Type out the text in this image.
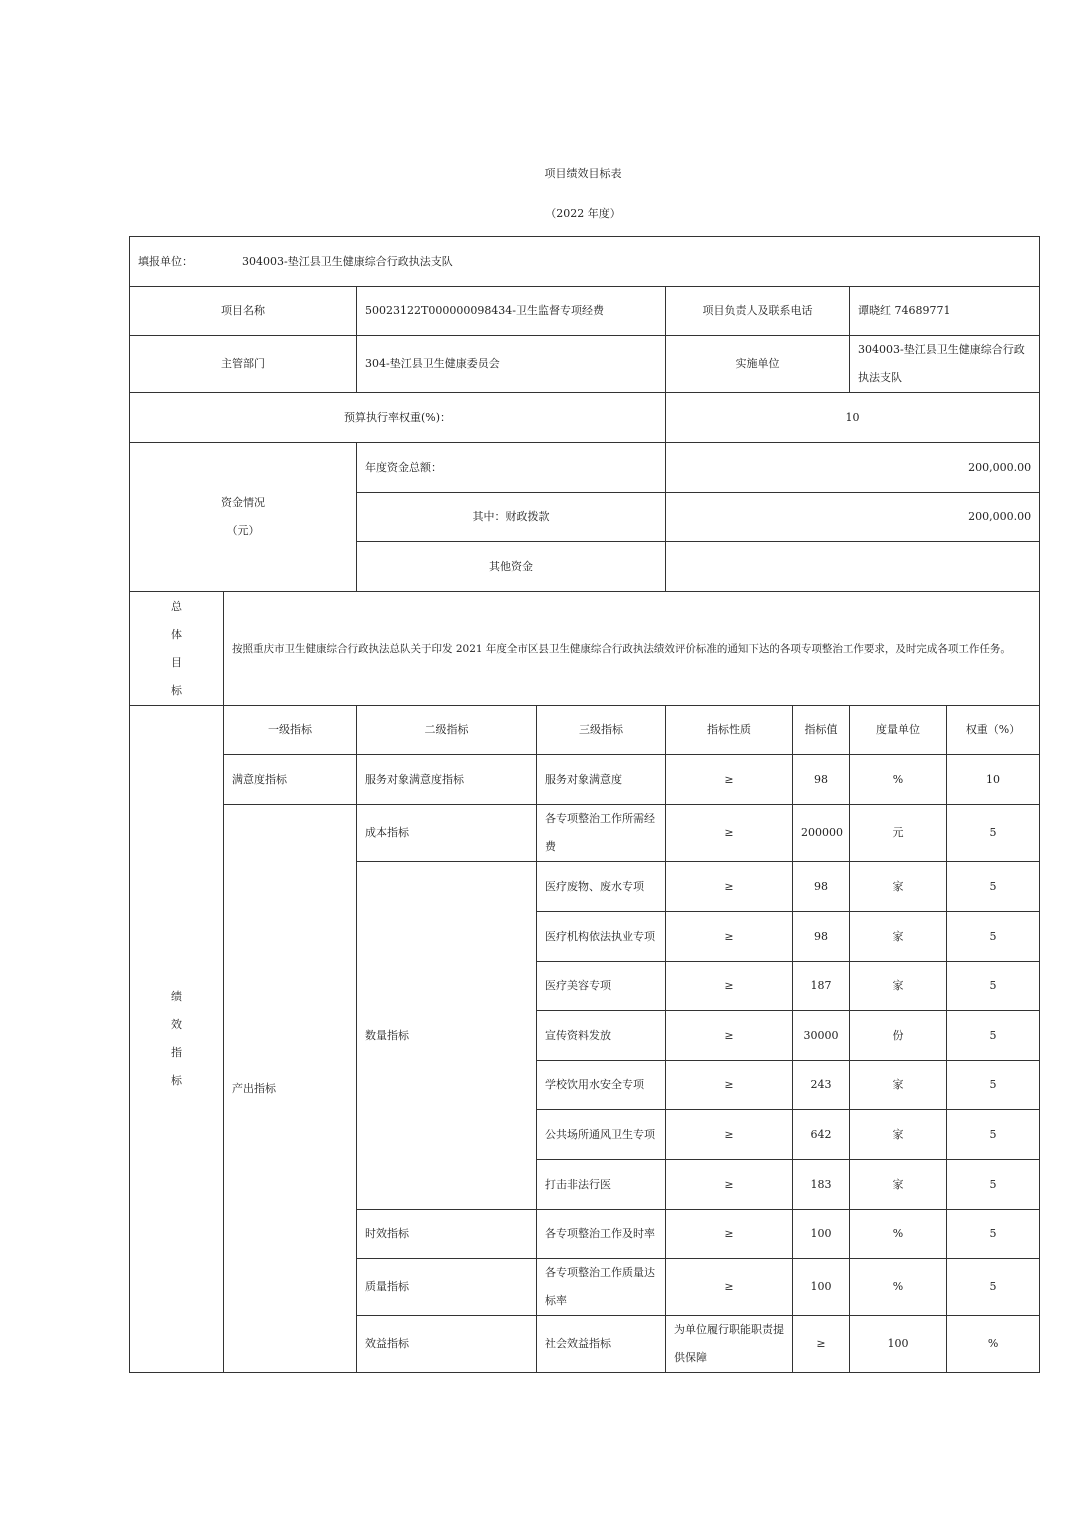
项目绩效目标表
（2022 年度）
填报单位： 304003-垫江县卫生健康综合行政执法支队								
项目名称		50023122T000000098434-卫生监督专项经费		项目负责人及联系电话		谭晓红 74689771		
主管部门		304-垫江县卫生健康委员会		实施单位		304003-垫江县卫生健康综合行政执法支队		
预算执行率权重(%)：				10				

资金情况
（元）		年度资金总额：		200,000.00				
		其中：财政拨款		200,000.00				
		其他资金						

总
体
目
标	按照重庆市卫生健康综合行政执法总队关于印发 2021 年度全市区县卫生健康综合行政执法绩效评价标准的通知下达的各项专项整治工作要求，及时完成各项工作任务。							

绩
效
指
标	一级指标	二级指标	三级指标	指标性质	指标值	度量单位	权重（%）	
	满意度指标	服务对象满意度指标	服务对象满意度	≥	98	%	10	
	产出指标	成本指标	各专项整治工作所需经费	≥	200000	元	5	
		数量指标	医疗废物、废水专项	≥	98	家	5	
			医疗机构依法执业专项	≥	98	家	5	
			医疗美容专项	≥	187	家	5	
			宣传资料发放	≥	30000	份	5	
			学校饮用水安全专项	≥	243	家	5	
			公共场所通风卫生专项	≥	642	家	5	
			打击非法行医	≥	183	家	5	
		时效指标	各专项整治工作及时率	≥	100	%	5	
		质量指标	各专项整治工作质量达标率	≥	100	%	5	
		效益指标	社会效益指标	为单位履行职能职责提供保障	≥	100	%	
